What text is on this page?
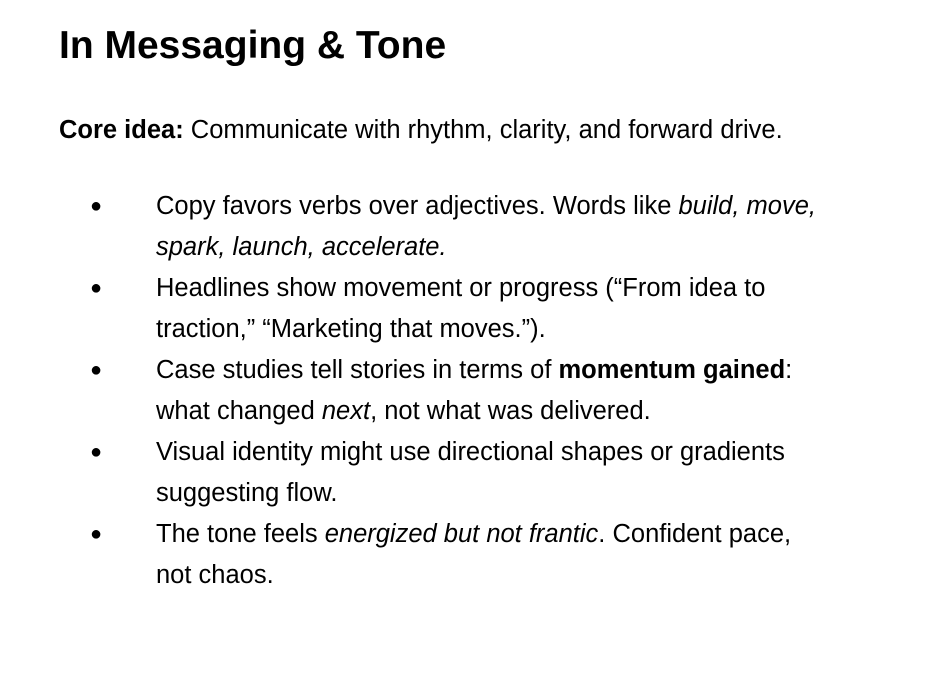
In Messaging & Tone

Core idea: Communicate with rhythm, clarity, and forward drive.

● Copy favors verbs over adjectives. Words like build, move, spark, launch, accelerate.
● Headlines show movement or progress (“From idea to traction,” “Marketing that moves.”).
● Case studies tell stories in terms of momentum gained: what changed next, not what was delivered.
● Visual identity might use directional shapes or gradients suggesting flow.
● The tone feels energized but not frantic. Confident pace, not chaos.
